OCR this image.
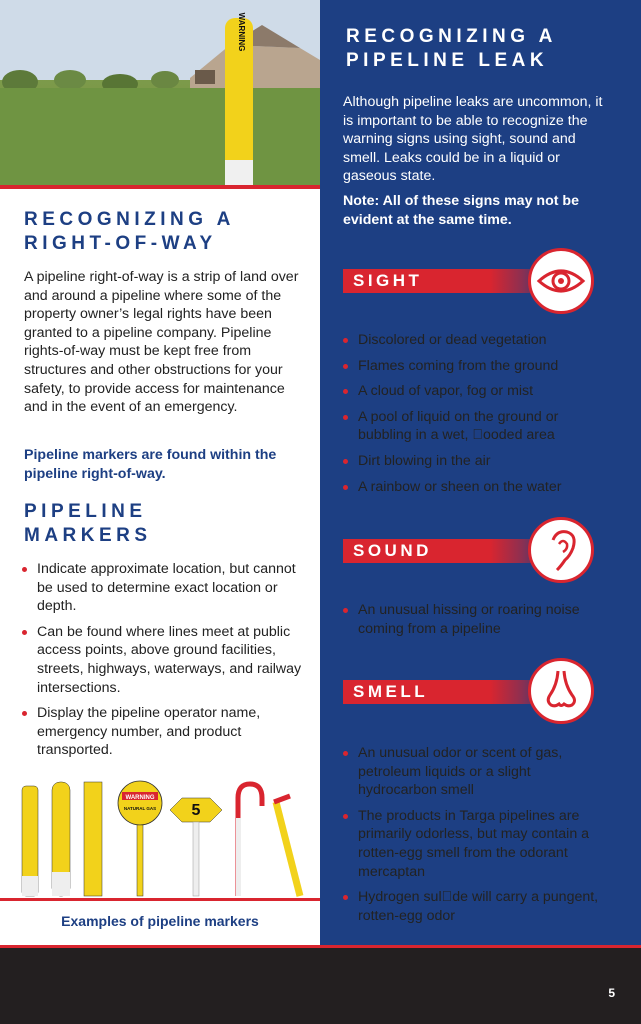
WARNING
RECOGNIZING A
RIGHT-OF-WAY

A pipeline right-of-way is a strip of land over and around a pipeline where some of the property owner’s legal rights have been granted to a pipeline company. Pipeline rights-of-way must be kept free from structures and other obstructions for your safety, to provide access for maintenance and in the event of an emergency.

Pipeline markers are found within the pipeline right-of-way.

PIPELINE
MARKERS
Indicate approximate location, but cannot be used to determine exact location or depth.
Can be found where lines meet at public access points, above ground facilities, streets, highways, waterways, and railway intersections.
Display the pipeline operator name, emergency number, and product transported.
WARNING
NATURAL GAS 5
Examples of pipeline markers
RECOGNIZING A
PIPELINE LEAK

Although pipeline leaks are uncommon, it is important to be able to recognize the warning signs using sight, sound and smell. Leaks could be in a liquid or gaseous state.

Note: All of these signs may not be evident at the same time.

SIGHT
Discolored or dead vegetation
Flames coming from the ground
A cloud of vapor, fog or mist
A pool of liquid on the ground or bubbling in a wet,  ooded area
Dirt blowing in the air
A rainbow or sheen on the water
SOUND
An unusual hissing or roaring noise coming from a pipeline
SMELL
An unusual odor or scent of gas, petroleum liquids or a slight hydrocarbon smell
The products in Targa pipelines are primarily odorless, but may contain a rotten-egg smell from the odorant mercaptan
Hydrogen sul de will carry a pungent, rotten-egg odor
5
